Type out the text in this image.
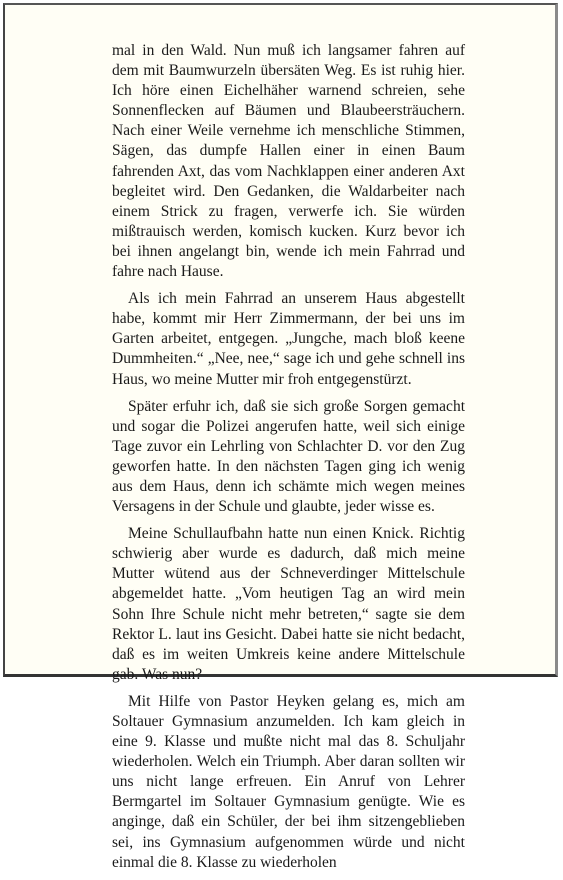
mal in den Wald. Nun muß ich langsamer fahren auf dem mit Baumwurzeln übersäten Weg. Es ist ruhig hier. Ich höre einen Eichelhäher warnend schreien, sehe Sonnenflecken auf Bäumen und Blaubeersträuchern. Nach einer Weile vernehme ich menschliche Stimmen, Sägen, das dumpfe Hallen einer in einen Baum fahrenden Axt, das vom Nachklappen einer anderen Axt begleitet wird. Den Gedanken, die Waldarbeiter nach einem Strick zu fragen, verwerfe ich. Sie würden mißtrauisch werden, komisch kucken. Kurz bevor ich bei ihnen angelangt bin, wende ich mein Fahrrad und fahre nach Hause.

Als ich mein Fahrrad an unserem Haus abgestellt habe, kommt mir Herr Zimmermann, der bei uns im Garten arbeitet, entgegen. „Jungche, mach bloß keene Dummheiten.“ „Nee, nee,“ sage ich und gehe schnell ins Haus, wo meine Mutter mir froh entgegenstürzt.

Später erfuhr ich, daß sie sich große Sorgen gemacht und sogar die Polizei angerufen hatte, weil sich einige Tage zuvor ein Lehrling von Schlachter D. vor den Zug geworfen hatte. In den nächsten Tagen ging ich wenig aus dem Haus, denn ich schämte mich wegen meines Versagens in der Schule und glaubte, jeder wisse es.

Meine Schullaufbahn hatte nun einen Knick. Richtig schwierig aber wurde es dadurch, daß mich meine Mutter wütend aus der Schneverdinger Mittelschule abgemeldet hatte. „Vom heutigen Tag an wird mein Sohn Ihre Schule nicht mehr betreten,“ sagte sie dem Rektor L. laut ins Gesicht. Dabei hatte sie nicht bedacht, daß es im weiten Umkreis keine andere Mittelschule gab. Was nun?

Mit Hilfe von Pastor Heyken gelang es, mich am Soltauer Gymnasium anzumelden. Ich kam gleich in eine 9. Klasse und mußte nicht mal das 8. Schuljahr wiederholen. Welch ein Triumph. Aber daran sollten wir uns nicht lange erfreuen. Ein Anruf von Lehrer Bermgartel im Soltauer Gymnasium genügte. Wie es anginge, daß ein Schüler, der bei ihm sitzengeblieben sei, ins Gymnasium aufgenommen würde und nicht einmal die 8. Klasse zu wiederholen
